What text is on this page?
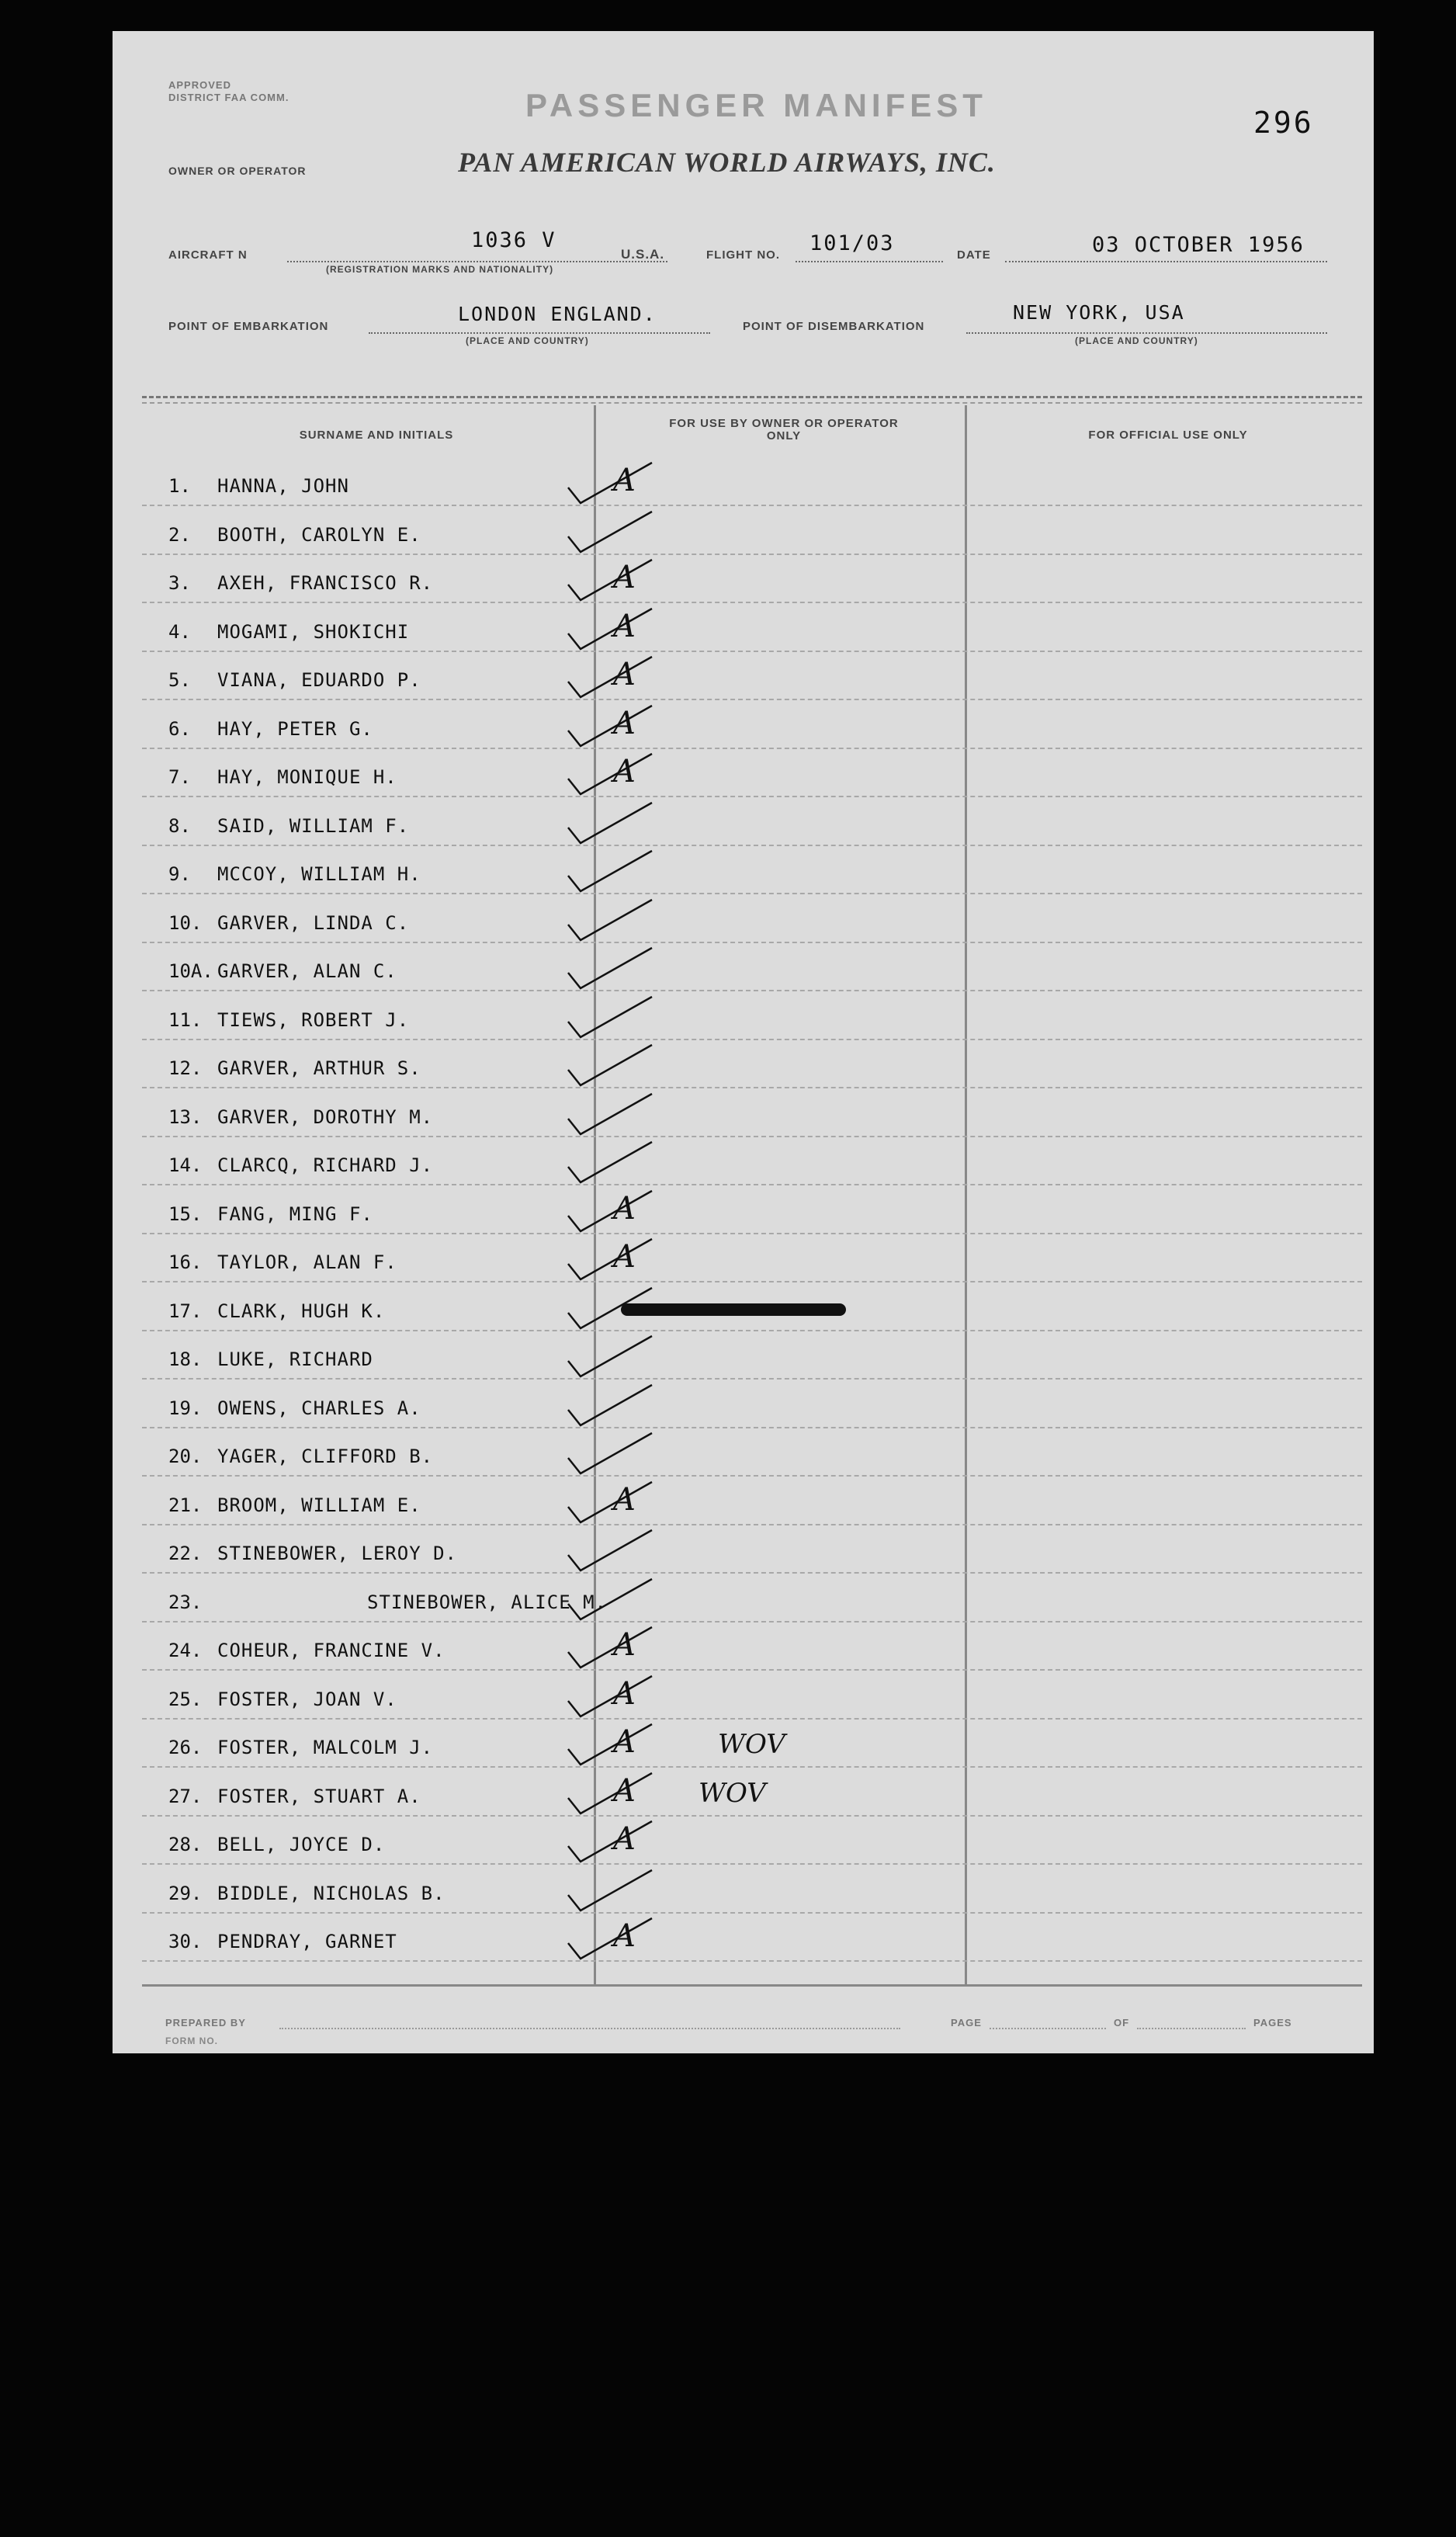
APPROVED
DISTRICT FAA COMM.	PASSENGER MANIFEST	296
OWNER OR OPERATOR	PAN AMERICAN WORLD AIRWAYS, INC.
AIRCRAFT N
1036 V
(REGISTRATION MARKS AND NATIONALITY)
U.S.A.	FLIGHT NO. 101/03	DATE	03 OCTOBER 1956
POINT OF EMBARKATION
LONDON ENGLAND.
(PLACE AND COUNTRY)
POINT OF DISEMBARKATION
NEW YORK, USA
(PLACE AND COUNTRY)
SURNAME AND INITIALS
FOR USE BY OWNER OR OPERATOR ONLY	FOR OFFICIAL USE ONLY
1. HANNA, JOHN	A
2. BOOTH, CAROLYN E.
3. AXEH, FRANCISCO R.	A
4. MOGAMI, SHOKICHI	A
5. VIANA, EDUARDO P.	A
6. HAY, PETER G.	A
7. HAY, MONIQUE H.	A
8. SAID, WILLIAM F.
9. MCCOY, WILLIAM H.
10. GARVER, LINDA C.
10A. GARVER, ALAN C.
11. TIEWS, ROBERT J.
12. GARVER, ARTHUR S.
13. GARVER, DOROTHY M.
14. CLARCQ, RICHARD J.
15. FANG, MING F.	A
16. TAYLOR, ALAN F.	A
17. CLARK, HUGH K.
18. LUKE, RICHARD
19. OWENS, CHARLES A.
20. YAGER, CLIFFORD B.
21. BROOM, WILLIAM E.	A
22. STINEBOWER, LEROY D.
23.	STINEBOWER, ALICE M.
24. COHEUR, FRANCINE V.	A
25. FOSTER, JOAN V.	A
26. FOSTER, MALCOLM J.	A	WOV
27. FOSTER, STUART A.	A WOV
28. BELL, JOYCE D.	A
29. BIDDLE, NICHOLAS B.
30. PENDRAY, GARNET	A
PREPARED BY
FORM NO.
PAGE	OF	PAGES
